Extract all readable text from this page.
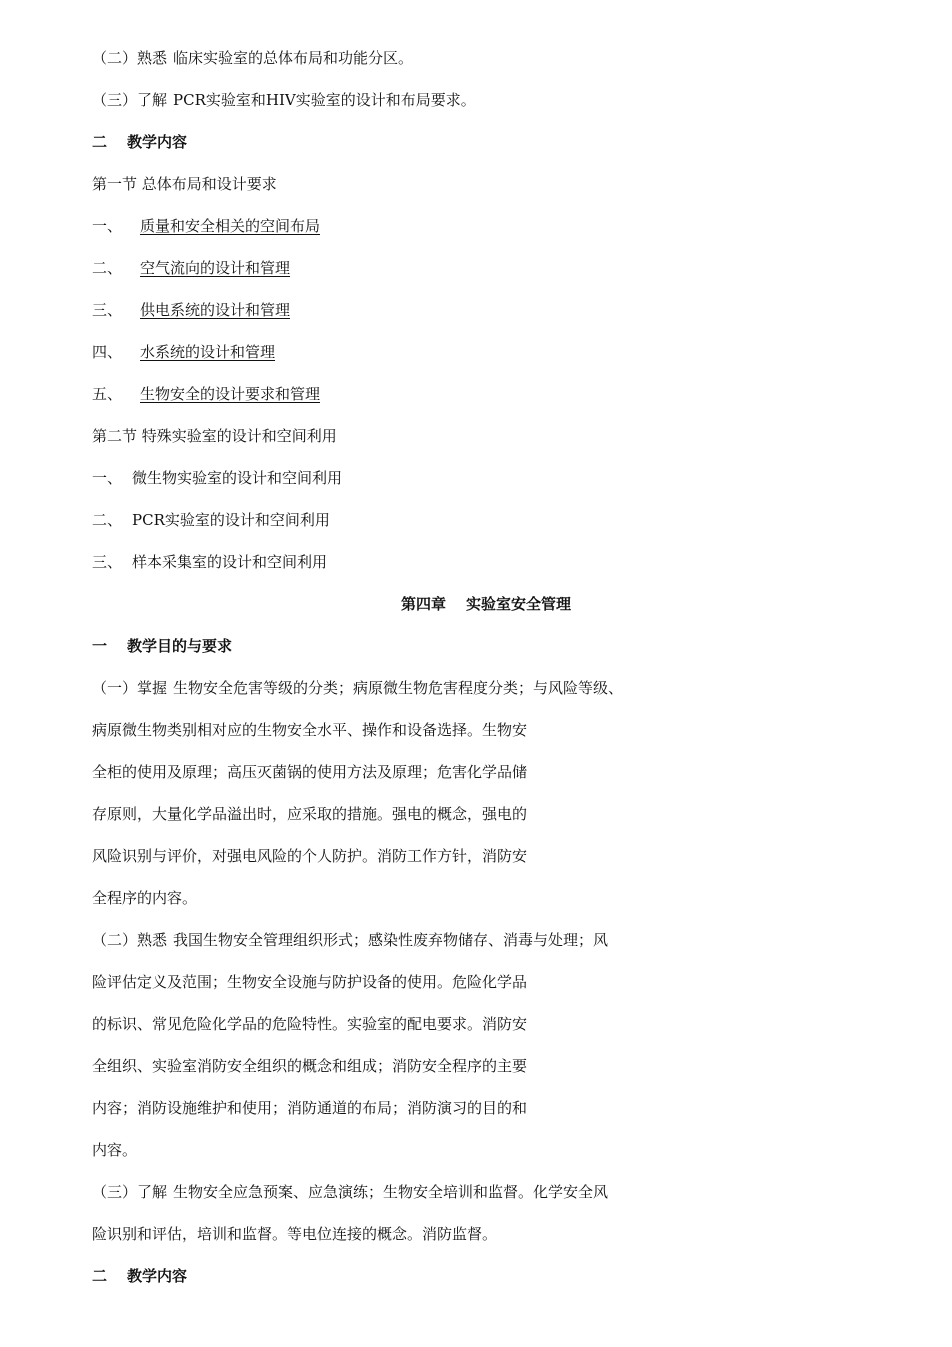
（二）熟悉 临床实验室的总体布局和功能分区。
（三）了解 PCR实验室和HIV实验室的设计和布局要求。
二 教学内容
第一节 总体布局和设计要求
一、 质量和安全相关的空间布局
二、 空气流向的设计和管理
三、 供电系统的设计和管理
四、 水系统的设计和管理
五、 生物安全的设计要求和管理
第二节 特殊实验室的设计和空间利用
一、 微生物实验室的设计和空间利用
二、 PCR实验室的设计和空间利用
三、 样本采集室的设计和空间利用
第四章 实验室安全管理
一 教学目的与要求
（一）掌握 生物安全危害等级的分类；病原微生物危害程度分类；与风险等级、
病原微生物类别相对应的生物安全水平、操作和设备选择。生物安
全柜的使用及原理；高压灭菌锅的使用方法及原理；危害化学品储
存原则，大量化学品溢出时，应采取的措施。强电的概念，强电的
风险识别与评价，对强电风险的个人防护。消防工作方针，消防安
全程序的内容。
（二）熟悉 我国生物安全管理组织形式；感染性废弃物储存、消毒与处理；风
险评估定义及范围；生物安全设施与防护设备的使用。危险化学品
的标识、常见危险化学品的危险特性。实验室的配电要求。消防安
全组织、实验室消防安全组织的概念和组成；消防安全程序的主要
内容；消防设施维护和使用；消防通道的布局；消防演习的目的和
内容。
（三）了解 生物安全应急预案、应急演练；生物安全培训和监督。化学安全风
险识别和评估，培训和监督。等电位连接的概念。消防监督。
二 教学内容
